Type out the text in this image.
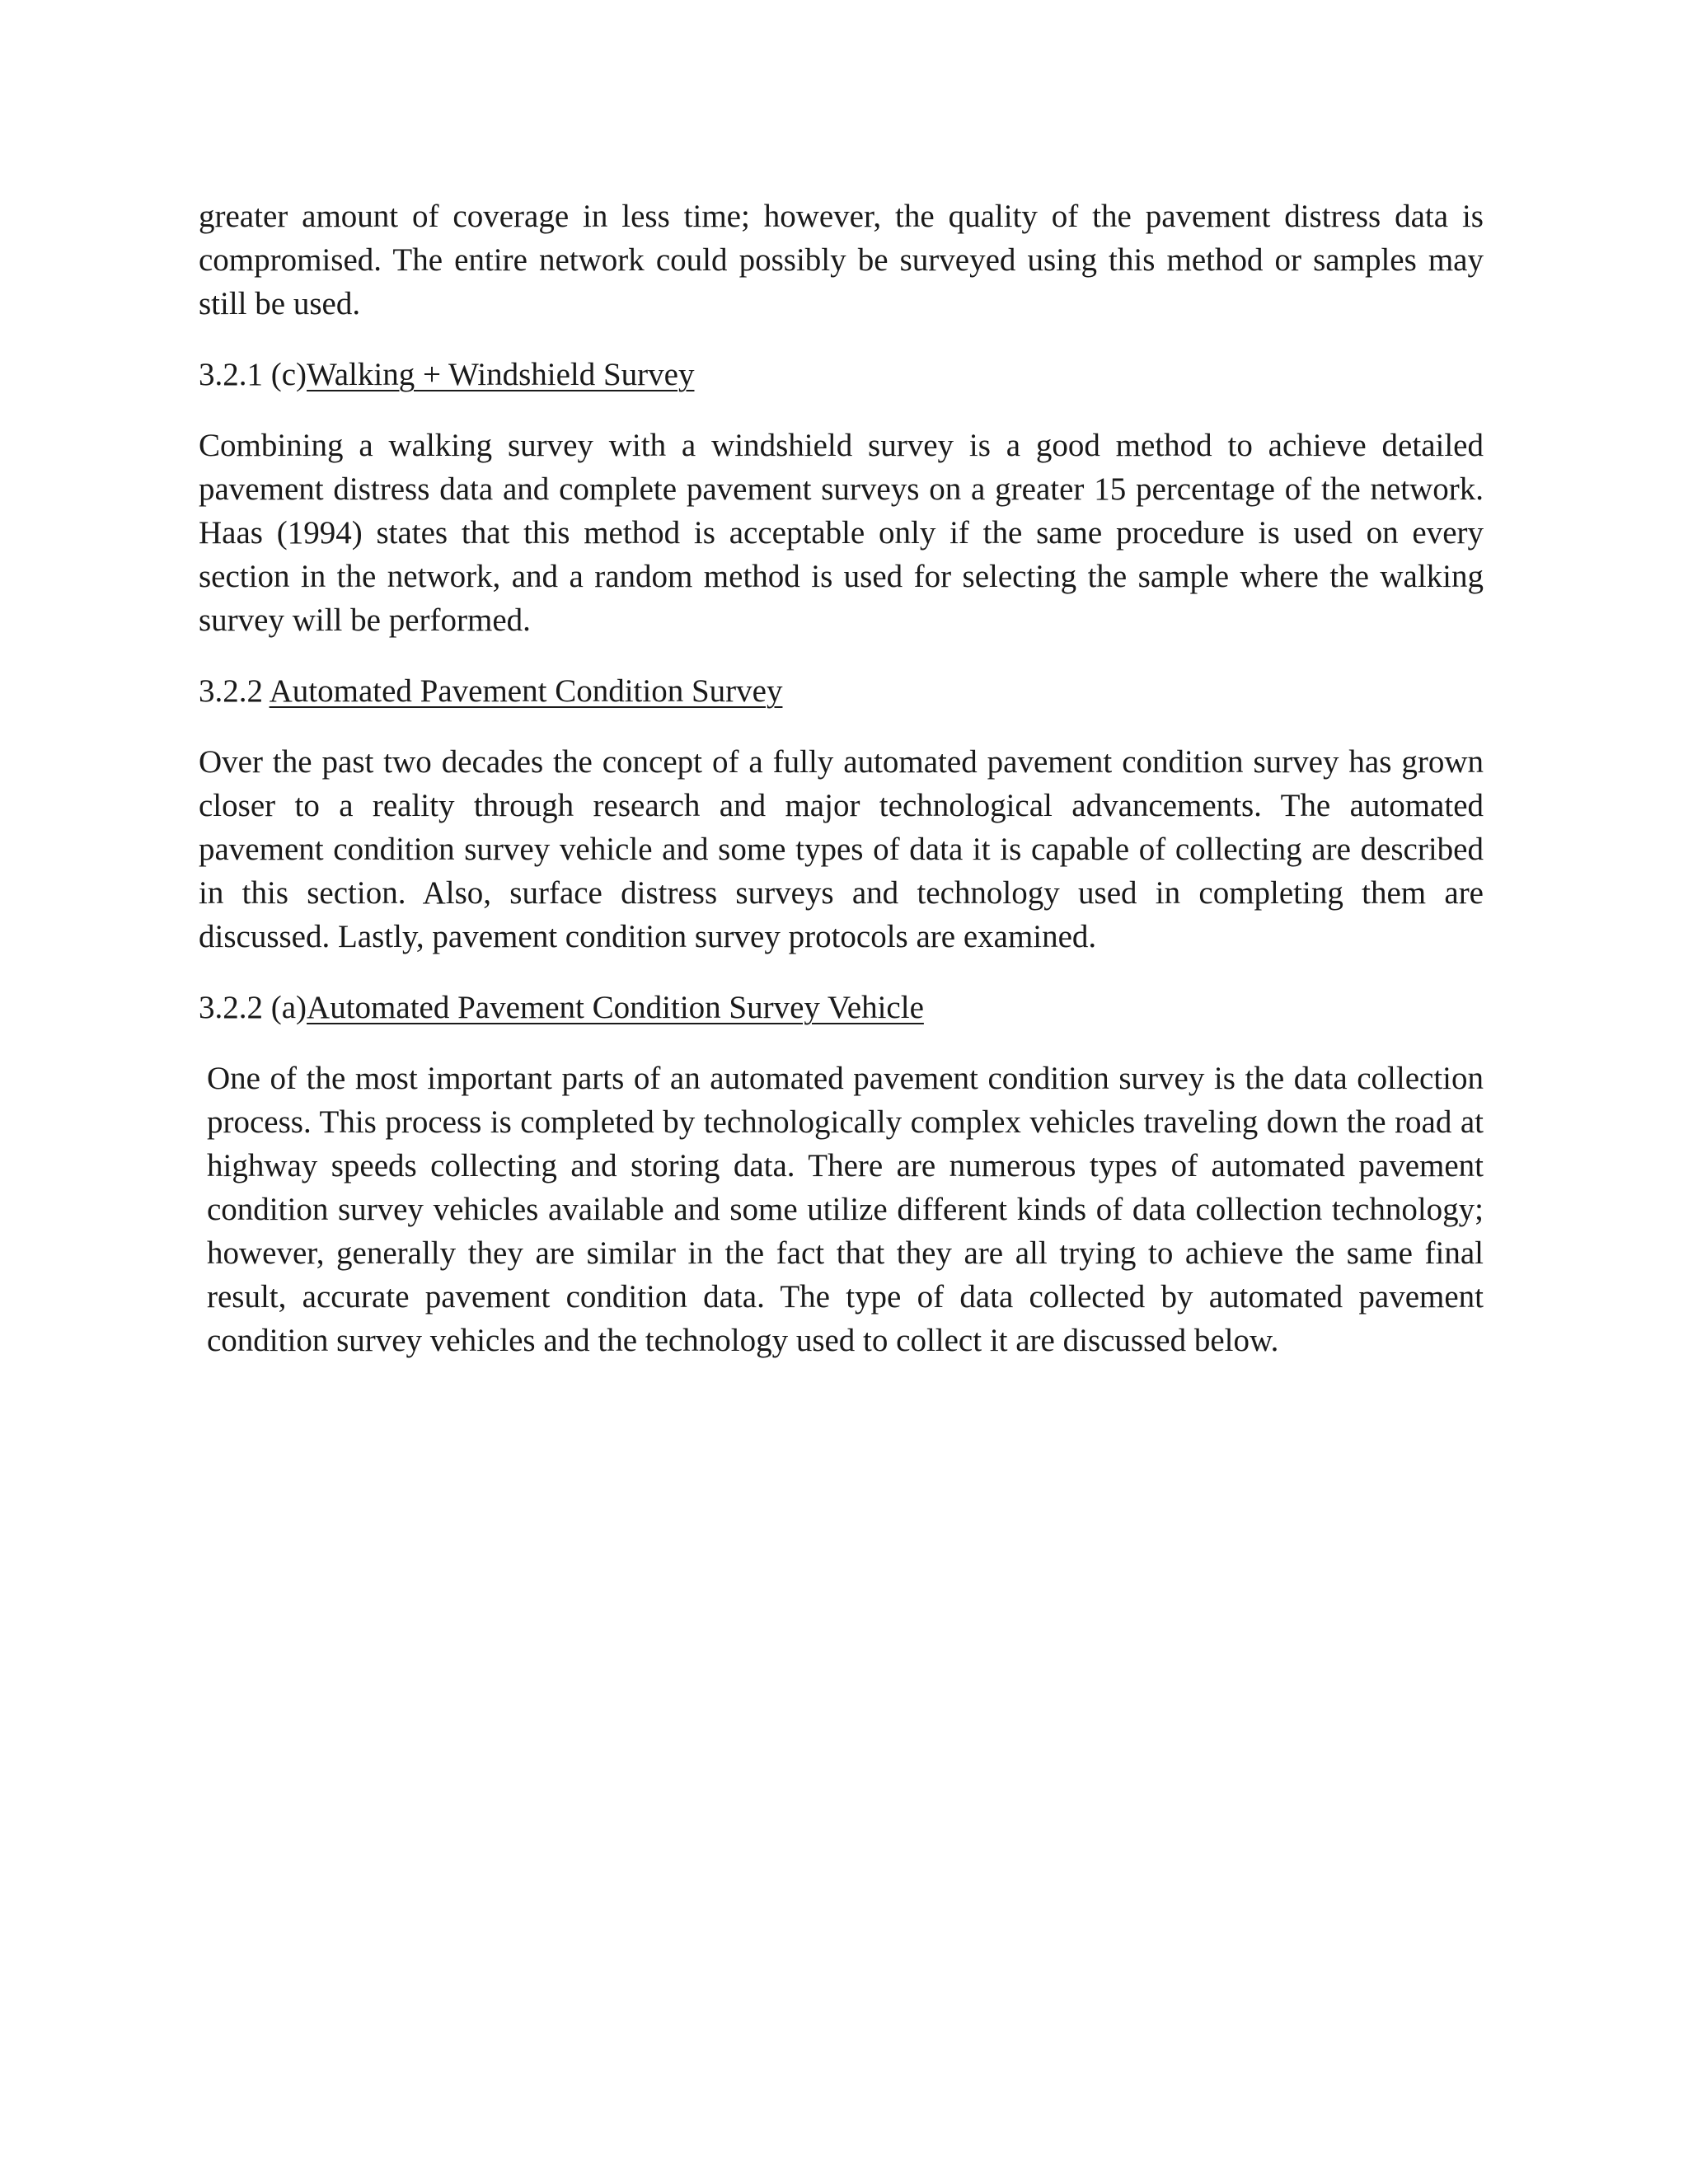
greater amount of coverage in less time; however, the quality of the pavement distress data is compromised. The entire network could possibly be surveyed using this method or samples may still be used.

3.2.1 (c)Walking + Windshield Survey

Combining a walking survey with a windshield survey is a good method to achieve detailed pavement distress data and complete pavement surveys on a greater 15 percentage of the network. Haas (1994) states that this method is acceptable only if the same procedure is used on every section in the network, and a random method is used for selecting the sample where the walking survey will be performed.

3.2.2 Automated Pavement Condition Survey

Over the past two decades the concept of a fully automated pavement condition survey has grown closer to a reality through research and major technological advancements. The automated pavement condition survey vehicle and some types of data it is capable of collecting are described in this section. Also, surface distress surveys and technology used in completing them are discussed. Lastly, pavement condition survey protocols are examined.

3.2.2 (a)Automated Pavement Condition Survey Vehicle

One of the most important parts of an automated pavement condition survey is the data collection process. This process is completed by technologically complex vehicles traveling down the road at highway speeds collecting and storing data. There are numerous types of automated pavement condition survey vehicles available and some utilize different kinds of data collection technology; however, generally they are similar in the fact that they are all trying to achieve the same final result, accurate pavement condition data. The type of data collected by automated pavement condition survey vehicles and the technology used to collect it are discussed below.
